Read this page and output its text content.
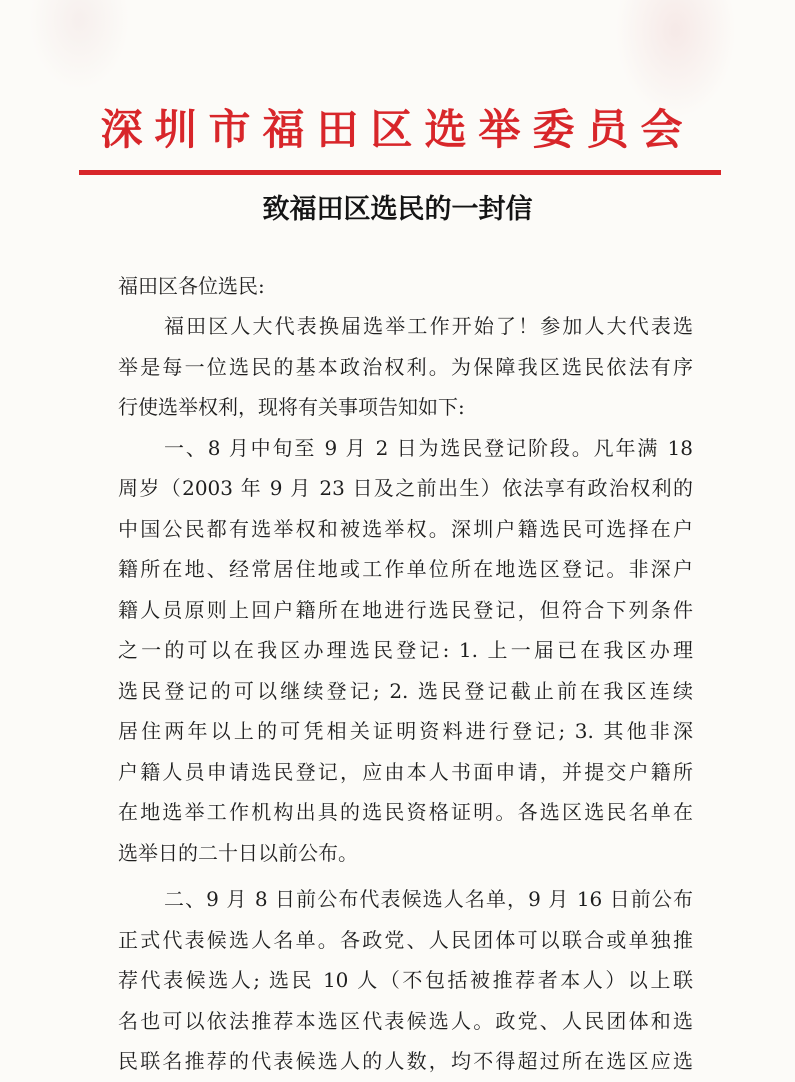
深圳市福田区选举委员会
致福田区选民的一封信
福田区各位选民:
福田区人大代表换届选举工作开始了！参加人大代表选
举是每一位选民的基本政治权利。为保障我区选民依法有序
行使选举权利，现将有关事项告知如下:
一、8 月中旬至 9 月 2 日为选民登记阶段。凡年满 18
周岁（2003 年 9 月 23 日及之前出生）依法享有政治权利的
中国公民都有选举权和被选举权。深圳户籍选民可选择在户
籍所在地、经常居住地或工作单位所在地选区登记。非深户
籍人员原则上回户籍所在地进行选民登记，但符合下列条件
之一的可以在我区办理选民登记: 1. 上一届已在我区办理
选民登记的可以继续登记; 2. 选民登记截止前在我区连续
居住两年以上的可凭相关证明资料进行登记; 3. 其他非深
户籍人员申请选民登记，应由本人书面申请，并提交户籍所
在地选举工作机构出具的选民资格证明。各选区选民名单在
选举日的二十日以前公布。
二、9 月 8 日前公布代表候选人名单，9 月 16 日前公布
正式代表候选人名单。各政党、人民团体可以联合或单独推
荐代表候选人; 选民 10 人（不包括被推荐者本人）以上联
名也可以依法推荐本选区代表候选人。政党、人民团体和选
民联名推荐的代表候选人的人数，均不得超过所在选区应选
